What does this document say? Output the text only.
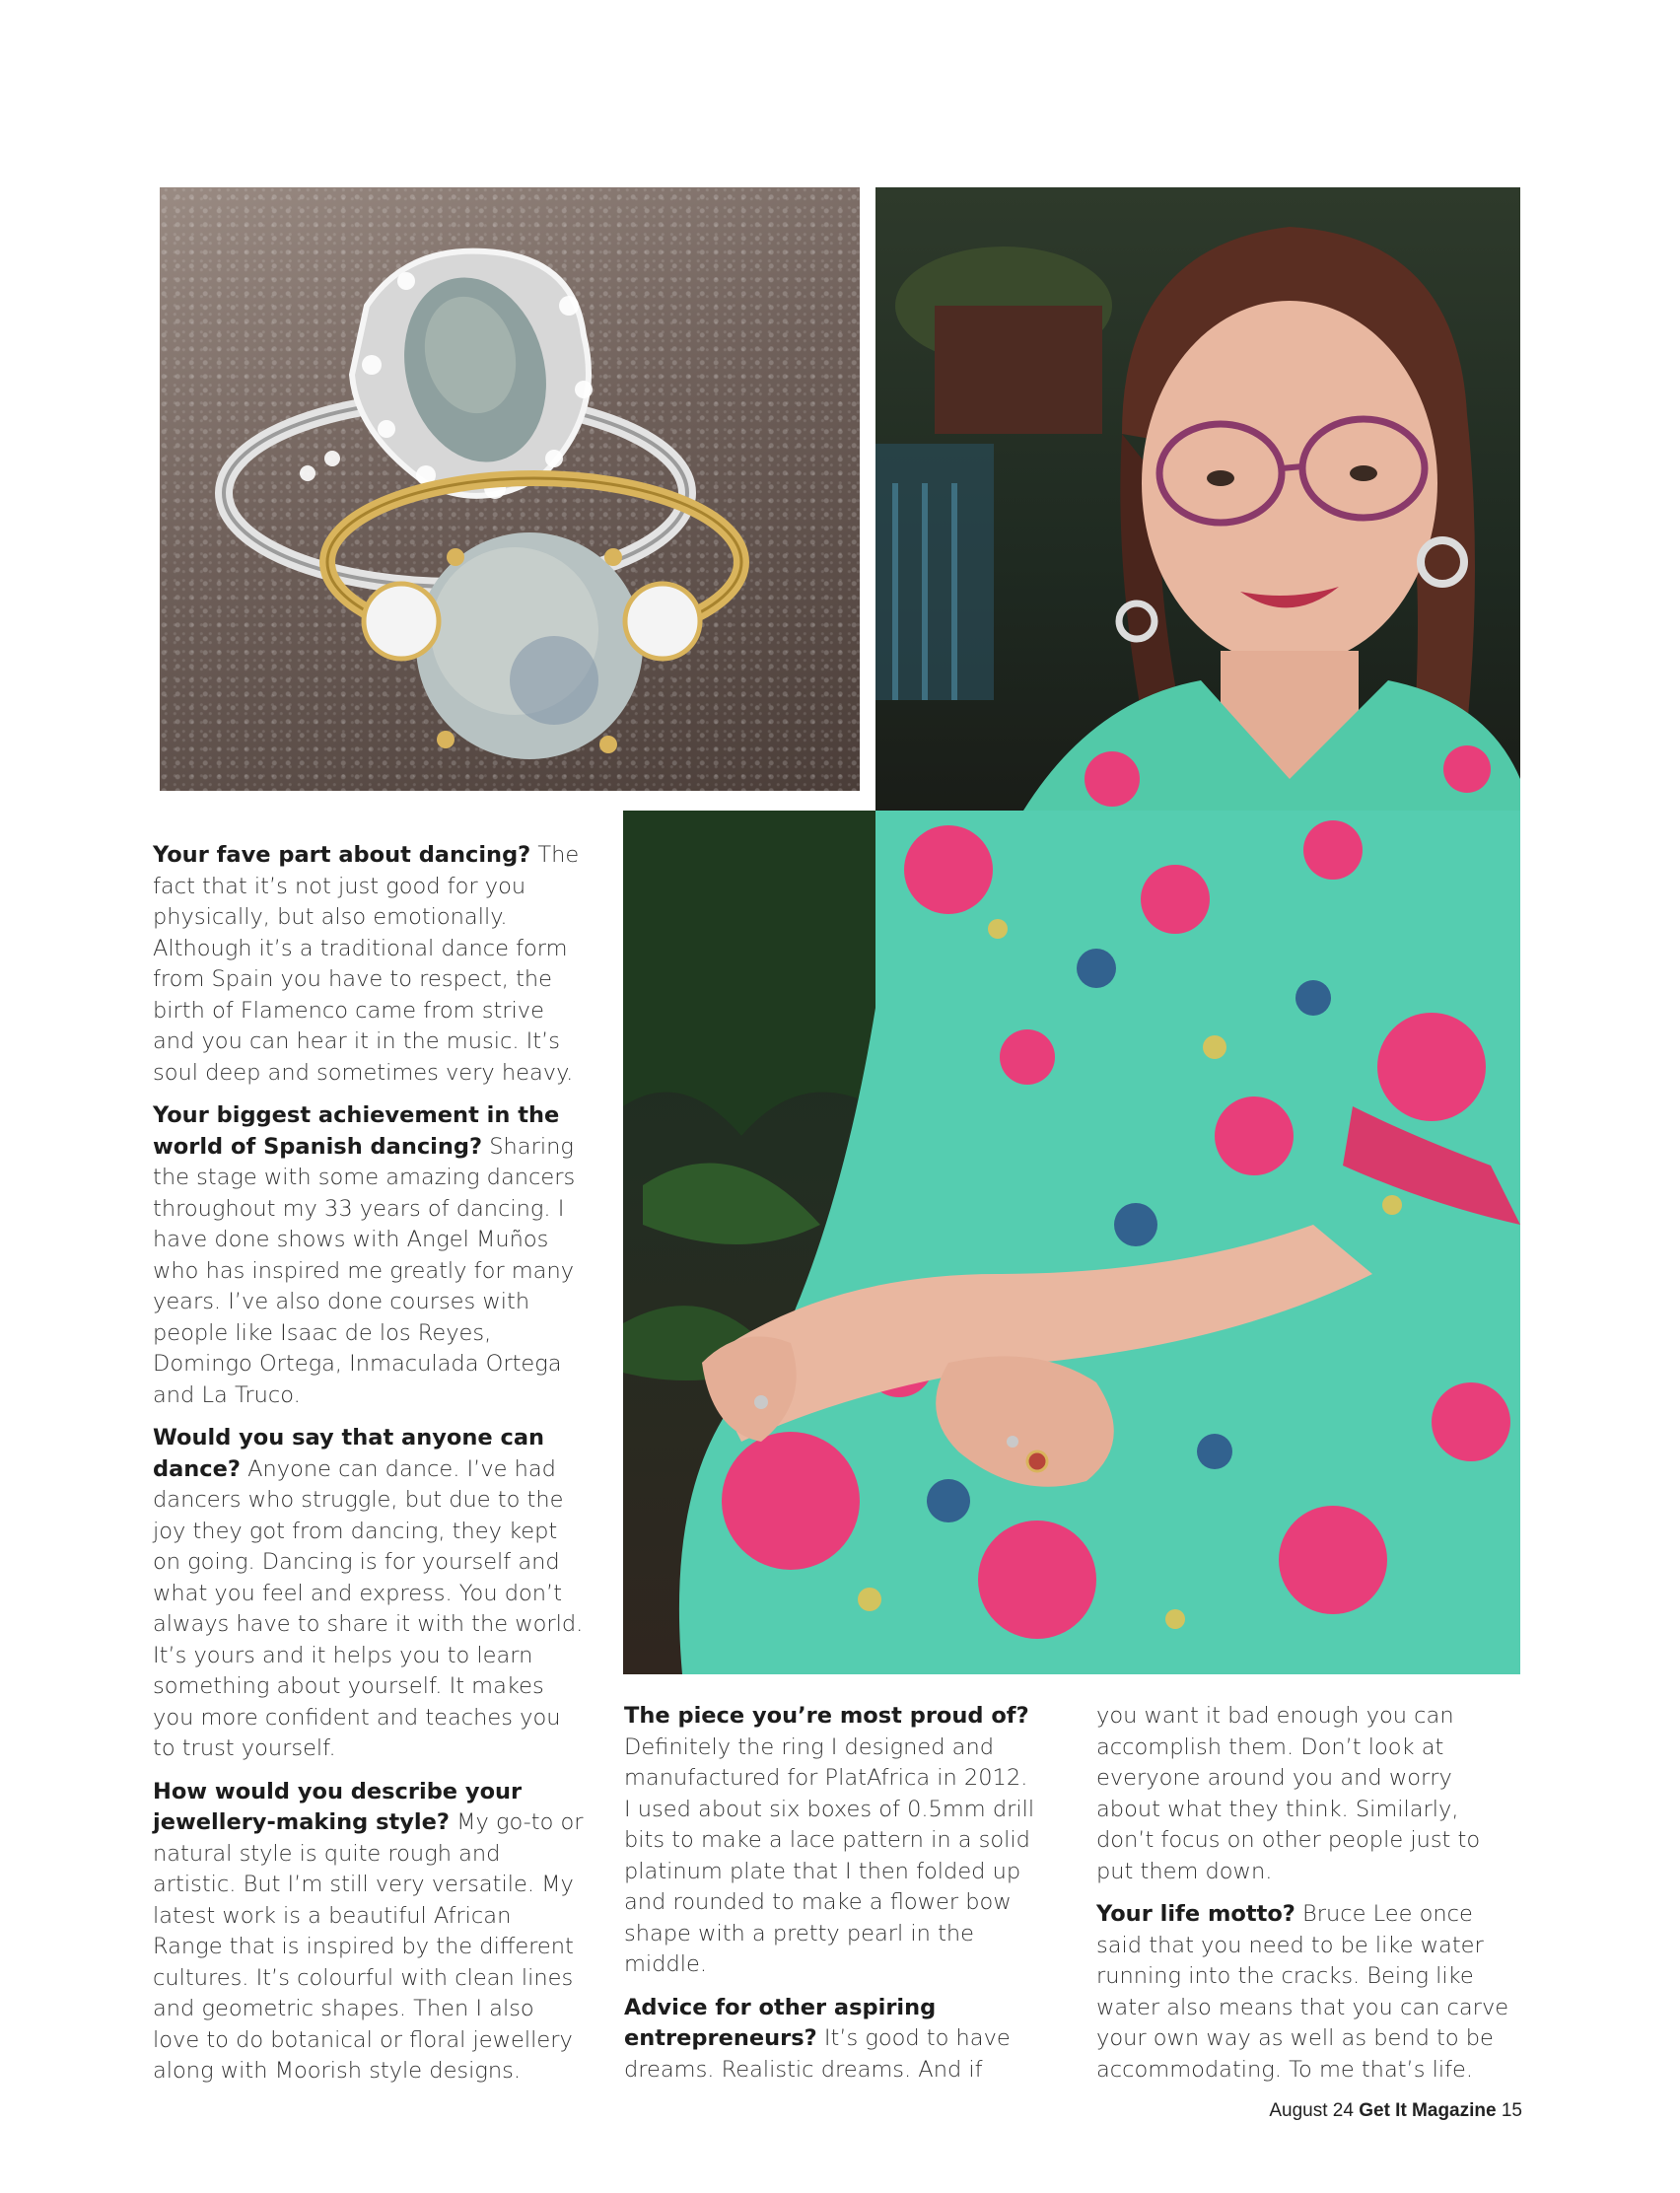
Your fave part about dancing? The fact that it’s not just good for you physically, but also emotionally. Although it’s a traditional dance form from Spain you have to respect, the birth of Flamenco came from strive and you can hear it in the music. It’s soul deep and sometimes very heavy.

Your biggest achievement in the world of Spanish dancing? Sharing the stage with some amazing dancers throughout my 33 years of dancing. I have done shows with Angel Muños who has inspired me greatly for many years. I’ve also done courses with people like Isaac de los Reyes, Domingo Ortega, Inmaculada Ortega and La Truco.

Would you say that anyone can dance? Anyone can dance. I’ve had dancers who struggle, but due to the joy they got from dancing, they kept on going. Dancing is for yourself and what you feel and express. You don’t always have to share it with the world. It’s yours and it helps you to learn something about yourself. It makes you more confident and teaches you to trust yourself.

How would you describe your jewellery-making style? My go-to or natural style is quite rough and artistic. But I’m still very versatile. My latest work is a beautiful African Range that is inspired by the different cultures. It’s colourful with clean lines and geometric shapes. Then I also love to do botanical or floral jewellery along with Moorish style designs.

The piece you’re most proud of? Definitely the ring I designed and manufactured for PlatAfrica in 2012. I used about six boxes of 0.5mm drill bits to make a lace pattern in a solid platinum plate that I then folded up and rounded to make a flower bow shape with a pretty pearl in the middle.

Advice for other aspiring entrepreneurs? It’s good to have dreams. Realistic dreams. And if

you want it bad enough you can accomplish them. Don’t look at everyone around you and worry about what they think. Similarly, don’t focus on other people just to put them down.

Your life motto? Bruce Lee once said that you need to be like water running into the cracks. Being like water also means that you can carve your own way as well as bend to be accommodating. To me that’s life.

August 24 Get It Magazine 15
